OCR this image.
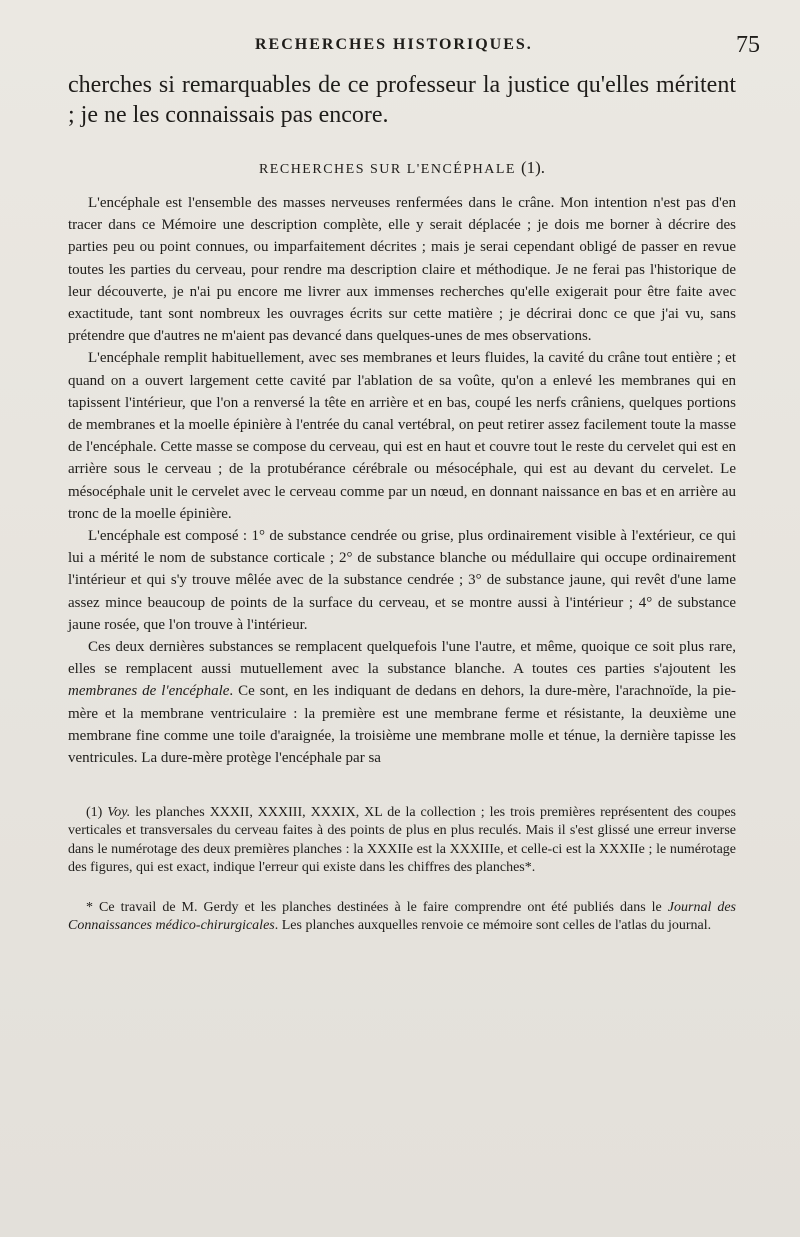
RECHERCHES HISTORIQUES.	75

cherches si remarquables de ce professeur la justice qu'elles méritent ; je ne les connaissais pas encore.

RECHERCHES SUR L'ENCÉPHALE (1).

L'encéphale est l'ensemble des masses nerveuses renfermées dans le crâne. Mon intention n'est pas d'en tracer dans ce Mémoire une description complète, elle y serait déplacée ; je dois me borner à décrire des parties peu ou point connues, ou imparfaitement décrites ; mais je serai cependant obligé de passer en revue toutes les parties du cerveau, pour rendre ma description claire et méthodique. Je ne ferai pas l'historique de leur découverte, je n'ai pu encore me livrer aux immenses recherches qu'elle exigerait pour être faite avec exactitude, tant sont nombreux les ouvrages écrits sur cette matière ; je décrirai donc ce que j'ai vu, sans prétendre que d'autres ne m'aient pas devancé dans quelques-unes de mes observations.

L'encéphale remplit habituellement, avec ses membranes et leurs fluides, la cavité du crâne tout entière ; et quand on a ouvert largement cette cavité par l'ablation de sa voûte, qu'on a enlevé les membranes qui en tapissent l'intérieur, que l'on a renversé la tête en arrière et en bas, coupé les nerfs crâniens, quelques portions de membranes et la moelle épinière à l'entrée du canal vertébral, on peut retirer assez facilement toute la masse de l'encéphale. Cette masse se compose du cerveau, qui est en haut et couvre tout le reste du cervelet qui est en arrière sous le cerveau ; de la protubérance cérébrale ou mésocéphale, qui est au devant du cervelet. Le mésocéphale unit le cervelet avec le cerveau comme par un nœud, en donnant naissance en bas et en arrière au tronc de la moelle épinière.

L'encéphale est composé : 1° de substance cendrée ou grise, plus ordinairement visible à l'extérieur, ce qui lui a mérité le nom de substance corticale ; 2° de substance blanche ou médullaire qui occupe ordinairement l'intérieur et qui s'y trouve mêlée avec de la substance cendrée ; 3° de substance jaune, qui revêt d'une lame assez mince beaucoup de points de la surface du cerveau, et se montre aussi à l'intérieur ; 4° de substance jaune rosée, que l'on trouve à l'intérieur.

Ces deux dernières substances se remplacent quelquefois l'une l'autre, et même, quoique ce soit plus rare, elles se remplacent aussi mutuellement avec la substance blanche. A toutes ces parties s'ajoutent les membranes de l'encéphale. Ce sont, en les indiquant de dedans en dehors, la dure-mère, l'arachnoïde, la pie-mère et la membrane ventriculaire : la première est une membrane ferme et résistante, la deuxième une membrane fine comme une toile d'araignée, la troisième une membrane molle et ténue, la dernière tapisse les ventricules. La dure-mère protège l'encéphale par sa

(1) Voy. les planches XXXII, XXXIII, XXXIX, XL de la collection ; les trois premières représentent des coupes verticales et transversales du cerveau faites à des points de plus en plus reculés. Mais il s'est glissé une erreur inverse dans le numérotage des deux premières planches : la XXXIIe est la XXXIIIe, et celle-ci est la XXXIIe ; le numérotage des figures, qui est exact, indique l'erreur qui existe dans les chiffres des planches*.

* Ce travail de M. Gerdy et les planches destinées à le faire comprendre ont été publiés dans le Journal des Connaissances médico-chirurgicales. Les planches auxquelles renvoie ce mémoire sont celles de l'atlas du journal.
